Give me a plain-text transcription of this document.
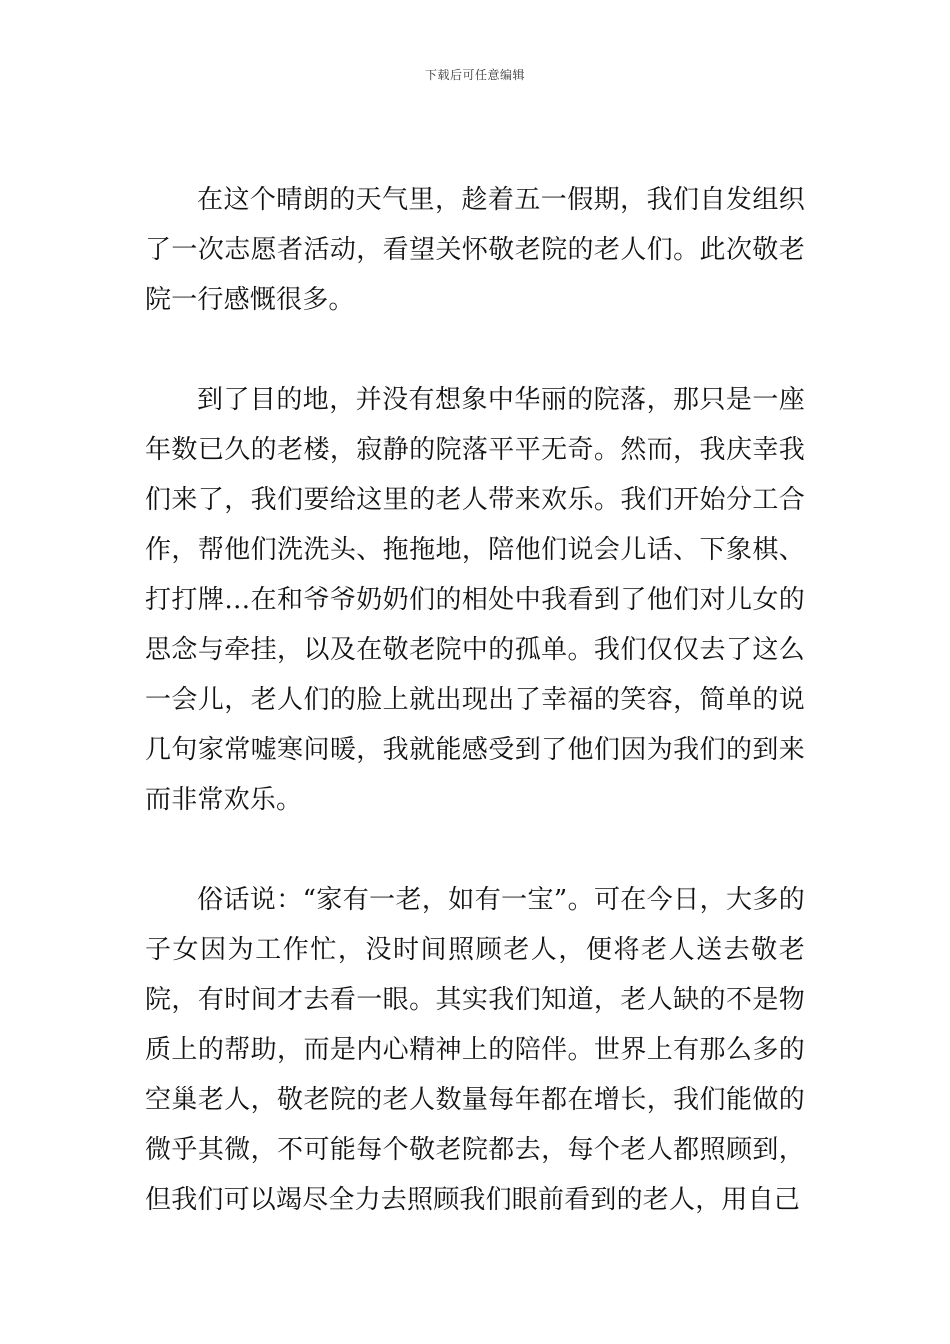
下载后可任意编辑

在这个晴朗的天气里，趁着五一假期，我们自发组织了一次志愿者活动，看望关怀敬老院的老人们。此次敬老院一行感慨很多。

到了目的地，并没有想象中华丽的院落，那只是一座年数已久的老楼，寂静的院落平平无奇。然而，我庆幸我们来了，我们要给这里的老人带来欢乐。我们开始分工合作，帮他们洗洗头、拖拖地，陪他们说会儿话、下象棋、打打牌…在和爷爷奶奶们的相处中我看到了他们对儿女的思念与牵挂，以及在敬老院中的孤单。我们仅仅去了这么一会儿，老人们的脸上就出现出了幸福的笑容，简单的说几句家常嘘寒问暖，我就能感受到了他们因为我们的到来而非常欢乐。

俗话说：“家有一老，如有一宝”。可在今日，大多的子女因为工作忙，没时间照顾老人，便将老人送去敬老院，有时间才去看一眼。其实我们知道，老人缺的不是物质上的帮助，而是内心精神上的陪伴。世界上有那么多的空巢老人，敬老院的老人数量每年都在增长，我们能做的微乎其微，不可能每个敬老院都去，每个老人都照顾到，但我们可以竭尽全力去照顾我们眼前看到的老人，用自己
